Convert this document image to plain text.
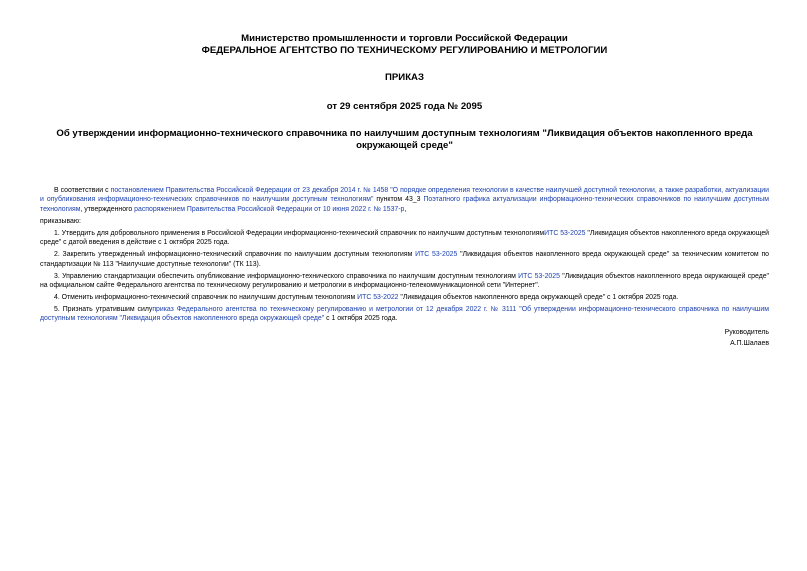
Министерство промышленности и торговли Российской Федерации
ФЕДЕРАЛЬНОЕ АГЕНТСТВО ПО ТЕХНИЧЕСКОМУ РЕГУЛИРОВАНИЮ И МЕТРОЛОГИИ
ПРИКАЗ
от 29 сентября 2025 года № 2095
Об утверждении информационно-технического справочника по наилучшим доступным технологиям "Ликвидация объектов накопленного вреда окружающей среде"

В соответствии с постановлением Правительства Российской Федерации от 23 декабря 2014 г. № 1458 "О порядке определения технологии в качестве наилучшей доступной технологии, а также разработки, актуализации и опубликования информационно-технических справочников по наилучшим доступным технологиям" пунктом 43_3 Поэтапного графика актуализации информационно-технических справочников по наилучшим доступным технологиям, утвержденного распоряжением Правительства Российской Федерации от 10 июня 2022 г. № 1537-р,

приказываю:

1. Утвердить для добровольного применения в Российской Федерации информационно-технический справочник по наилучшим доступным технологиямИТС 53-2025 "Ликвидация объектов накопленного вреда окружающей среде" с датой введения в действие с 1 октября 2025 года.

2. Закрепить утвержденный информационно-технический справочник по наилучшим доступным технологиям ИТС 53-2025 "Ликвидация объектов накопленного вреда окружающей среде" за техническим комитетом по стандартизации № 113 "Наилучшие доступные технологии" (ТК 113).

3. Управлению стандартизации обеспечить опубликование информационно-технического справочника по наилучшим доступным технологиям ИТС 53-2025 "Ликвидация объектов накопленного вреда окружающей среде" на официальном сайте Федерального агентства по техническому регулированию и метрологии в информационно-телекоммуникационной сети "Интернет".

4. Отменить информационно-технический справочник по наилучшим доступным технологиям ИТС 53-2022 "Ликвидация объектов накопленного вреда окружающей среде" с 1 октября 2025 года.

5. Признать утратившим силуприказ Федерального агентства по техническому регулированию и метрологии от 12 декабря 2022 г. № 3111 "Об утверждении информационно-технического справочника по наилучшим доступным технологиям "Ликвидация объектов накопленного вреда окружающей среде" с 1 октября 2025 года.

Руководитель
А.П.Шалаев
